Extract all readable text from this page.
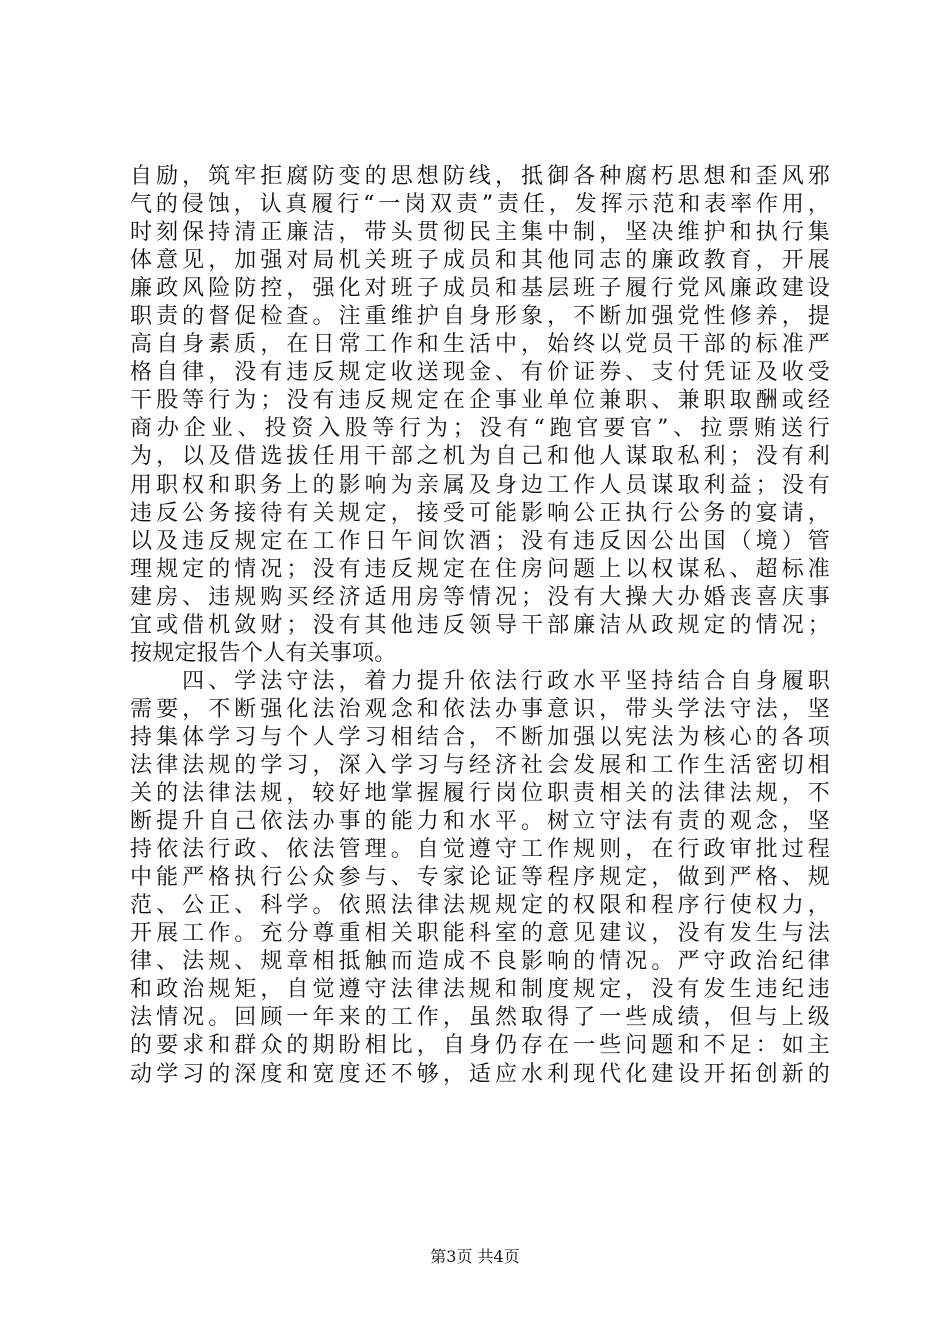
自励，筑牢拒腐防变的思想防线，抵御各种腐朽思想和歪风邪
气的侵蚀，认真履行“一岗双责”责任，发挥示范和表率作用，
时刻保持清正廉洁，带头贯彻民主集中制，坚决维护和执行集
体意见，加强对局机关班子成员和其他同志的廉政教育，开展
廉政风险防控，强化对班子成员和基层班子履行党风廉政建设
职责的督促检查。注重维护自身形象，不断加强党性修养，提
高自身素质，在日常工作和生活中，始终以党员干部的标准严
格自律，没有违反规定收送现金、有价证券、支付凭证及收受
干股等行为；没有违反规定在企事业单位兼职、兼职取酬或经
商办企业、投资入股等行为；没有“跑官要官”、拉票贿送行
为，以及借选拔任用干部之机为自己和他人谋取私利；没有利
用职权和职务上的影响为亲属及身边工作人员谋取利益；没有
违反公务接待有关规定，接受可能影响公正执行公务的宴请，
以及违反规定在工作日午间饮酒；没有违反因公出国（境）管
理规定的情况；没有违反规定在住房问题上以权谋私、超标准
建房、违规购买经济适用房等情况；没有大操大办婚丧喜庆事
宜或借机敛财；没有其他违反领导干部廉洁从政规定的情况；
按规定报告个人有关事项。
　　四、学法守法，着力提升依法行政水平坚持结合自身履职
需要，不断强化法治观念和依法办事意识，带头学法守法，坚
持集体学习与个人学习相结合，不断加强以宪法为核心的各项
法律法规的学习，深入学习与经济社会发展和工作生活密切相
关的法律法规，较好地掌握履行岗位职责相关的法律法规，不
断提升自己依法办事的能力和水平。树立守法有责的观念，坚
持依法行政、依法管理。自觉遵守工作规则，在行政审批过程
中能严格执行公众参与、专家论证等程序规定，做到严格、规
范、公正、科学。依照法律法规规定的权限和程序行使权力，
开展工作。充分尊重相关职能科室的意见建议，没有发生与法
律、法规、规章相抵触而造成不良影响的情况。严守政治纪律
和政治规矩，自觉遵守法律法规和制度规定，没有发生违纪违
法情况。回顾一年来的工作，虽然取得了一些成绩，但与上级
的要求和群众的期盼相比，自身仍存在一些问题和不足：如主
动学习的深度和宽度还不够，适应水利现代化建设开拓创新的
第3页 共4页
